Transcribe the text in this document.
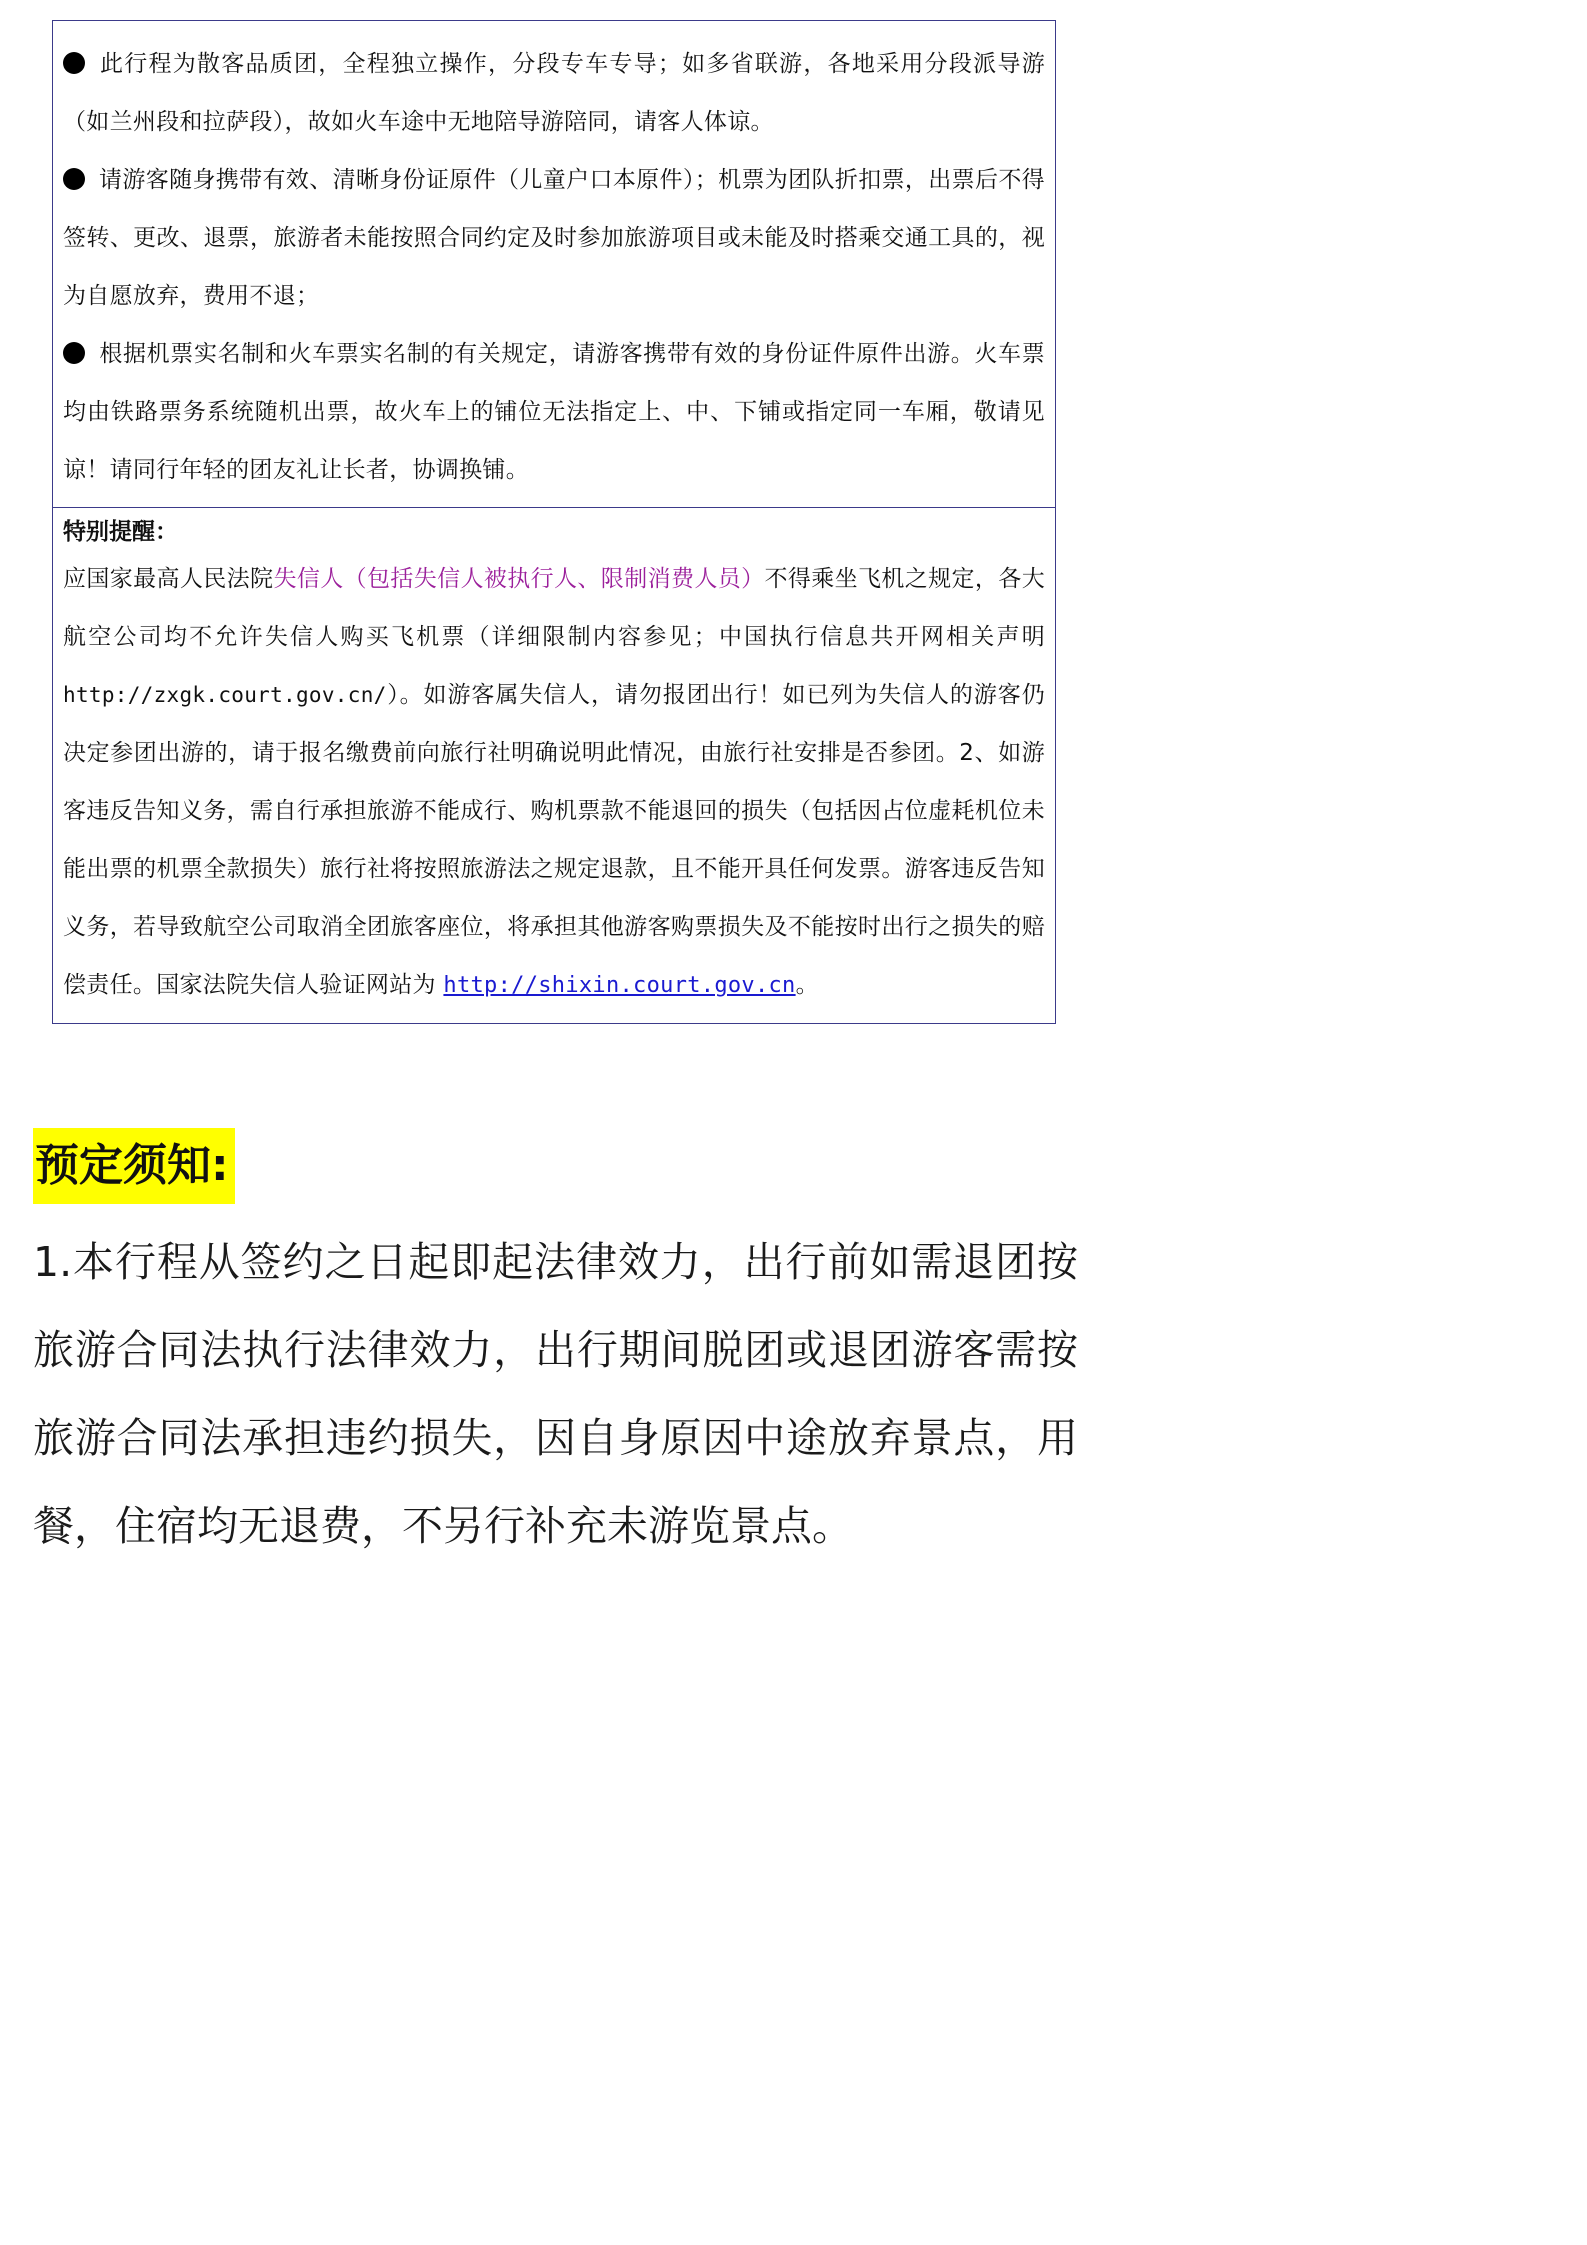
此行程为散客品质团，全程独立操作，分段专车专导；如多省联游，各地采用分段派导游（如兰州段和拉萨段），故如火车途中无地陪导游陪同，请客人体谅。

请游客随身携带有效、清晰身份证原件（儿童户口本原件）；机票为团队折扣票，出票后不得签转、更改、退票，旅游者未能按照合同约定及时参加旅游项目或未能及时搭乘交通工具的，视为自愿放弃，费用不退；

根据机票实名制和火车票实名制的有关规定，请游客携带有效的身份证件原件出游。火车票均由铁路票务系统随机出票，故火车上的铺位无法指定上、中、下铺或指定同一车厢，敬请见谅！请同行年轻的团友礼让长者，协调换铺。

特别提醒：

应国家最高人民法院失信人（包括失信人被执行人、限制消费人员）不得乘坐飞机之规定，各大航空公司均不允许失信人购买飞机票（详细限制内容参见；中国执行信息共开网相关声明 http://zxgk.court.gov.cn/）。如游客属失信人，请勿报团出行！如已列为失信人的游客仍决定参团出游的，请于报名缴费前向旅行社明确说明此情况，由旅行社安排是否参团。2、如游客违反告知义务，需自行承担旅游不能成行、购机票款不能退回的损失（包括因占位虚耗机位未能出票的机票全款损失）旅行社将按照旅游法之规定退款，且不能开具任何发票。游客违反告知义务，若导致航空公司取消全团旅客座位，将承担其他游客购票损失及不能按时出行之损失的赔偿责任。国家法院失信人验证网站为 http://shixin.court.gov.cn。

预定须知:

1.本行程从签约之日起即起法律效力，出行前如需退团按旅游合同法执行法律效力，出行期间脱团或退团游客需按旅游合同法承担违约损失，因自身原因中途放弃景点，用餐，住宿均无退费，不另行补充未游览景点。
